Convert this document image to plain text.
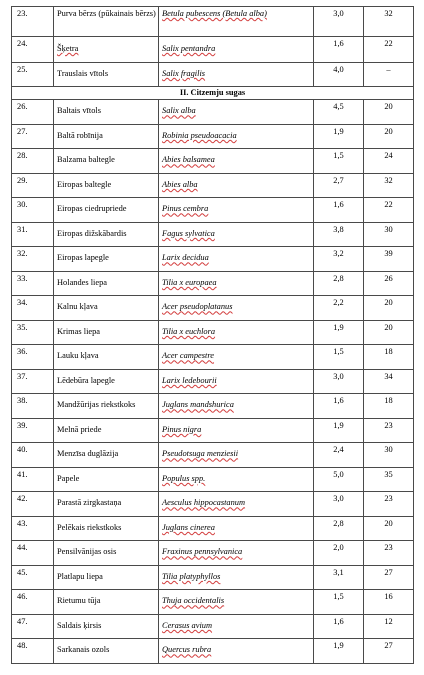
23.	Purva bērzs (pūkainais bērzs)	Betula pubescens (Betula alba)	3,0	32
24.	Šķetra	Salix pentandra	1,6	22
25.	Trauslais vītols	Salix fragilis	4,0	–
II. Citzemju sugas				
26.	Baltais vītols	Salix alba	4,5	20
27.	Baltā robīnija	Robinia pseudoacacia	1,9	20
28.	Balzama baltegle	Abies balsamea	1,5	24
29.	Eiropas baltegle	Abies alba	2,7	32
30.	Eiropas ciedrupriede	Pinus cembra	1,6	22
31.	Eiropas dižskābardis	Fagus sylvatica	3,8	30
32.	Eiropas lapegle	Larix decidua	3,2	39
33.	Holandes liepa	Tilia x europaea	2,8	26
34.	Kalnu kļava	Acer pseudoplatanus	2,2	20
35.	Krimas liepa	Tilia x euchlora	1,9	20
36.	Lauku kļava	Acer campestre	1,5	18
37.	Lēdebūra lapegle	Larix ledebourii	3,0	34
38.	Mandžūrijas riekstkoks	Juglans mandshurica	1,6	18
39.	Melnā priede	Pinus nigra	1,9	23
40.	Menzīsa duglāzija	Pseudotsuga menziesii	2,4	30
41.	Papele	Populus spp.	5,0	35
42.	Parastā zirgkastaņa	Aesculus hippocastanum	3,0	23
43.	Pelēkais riekstkoks	Juglans cinerea	2,8	20
44.	Pensilvānijas osis	Fraxinus pennsylvanica	2,0	23
45.	Platlapu liepa	Tilia platyphyllos	3,1	27
46.	Rietumu tūja	Thuja occidentalis	1,5	16
47.	Saldais ķirsis	Cerasus avium	1,6	12
48.	Sarkanais ozols	Quercus rubra	1,9	27
